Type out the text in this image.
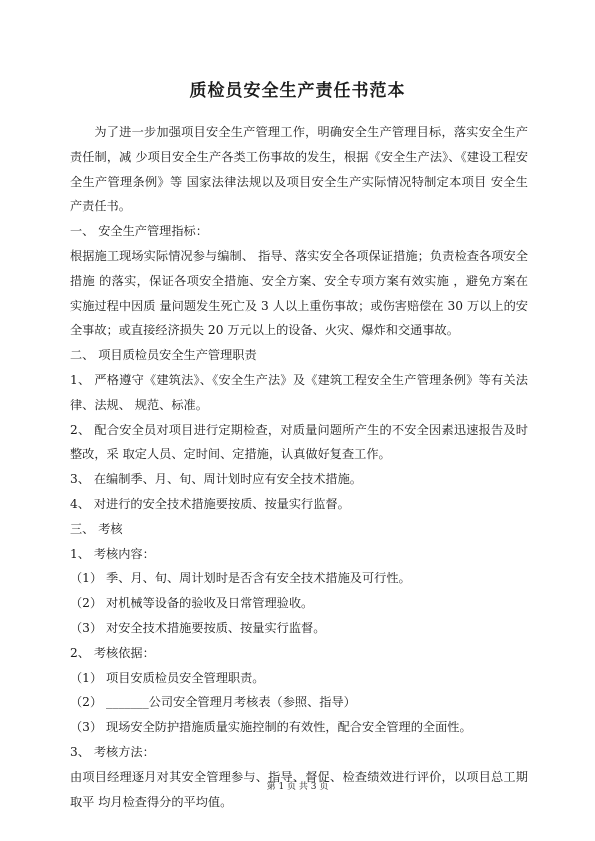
质检员安全生产责任书范本

为了进一步加强项目安全生产管理工作，明确安全生产管理目标，落实安全生产责任制，减 少项目安全生产各类工伤事故的发生，根据《安全生产法》、《建设工程安全生产管理条例》等 国家法律法规以及项目安全生产实际情况特制定本项目 安全生产责任书。

一、 安全生产管理指标：

根据施工现场实际情况参与编制、 指导、落实安全各项保证措施；负责检查各项安全措施 的落实，保证各项安全措施、安全方案、安全专项方案有效实施 ，避免方案在实施过程中因质 量问题发生死亡及 3 人以上重伤事故；或伤害赔偿在 30 万以上的安全事故；或直接经济损失 20 万元以上的设备、火灾、爆炸和交通事故。

二、 项目质检员安全生产管理职责

1、 严格遵守《建筑法》、《安全生产法》及《建筑工程安全生产管理条例》等有关法律、法规、 规范、标准。

2、 配合安全员对项目进行定期检查，对质量问题所产生的不安全因素迅速报告及时整改，采 取定人员、定时间、定措施，认真做好复查工作。

3、 在编制季、月、旬、周计划时应有安全技术措施。

4、 对进行的安全技术措施要按质、按量实行监督。

三、 考核

1、 考核内容：

（1） 季、月、旬、周计划时是否含有安全技术措施及可行性。

（2） 对机械等设备的验收及日常管理验收。

（3） 对安全技术措施要按质、按量实行监督。

2、 考核依据：

（1） 项目安质检员安全管理职责。

（2） _______公司安全管理月考核表（参照、指导）

（3） 现场安全防护措施质量实施控制的有效性，配合安全管理的全面性。

3、 考核方法：

由项目经理逐月对其安全管理参与、指导、督促、检查绩效进行评价，以项目总工期取平 均月检查得分的平均值。

第 1 页 共 3 页
